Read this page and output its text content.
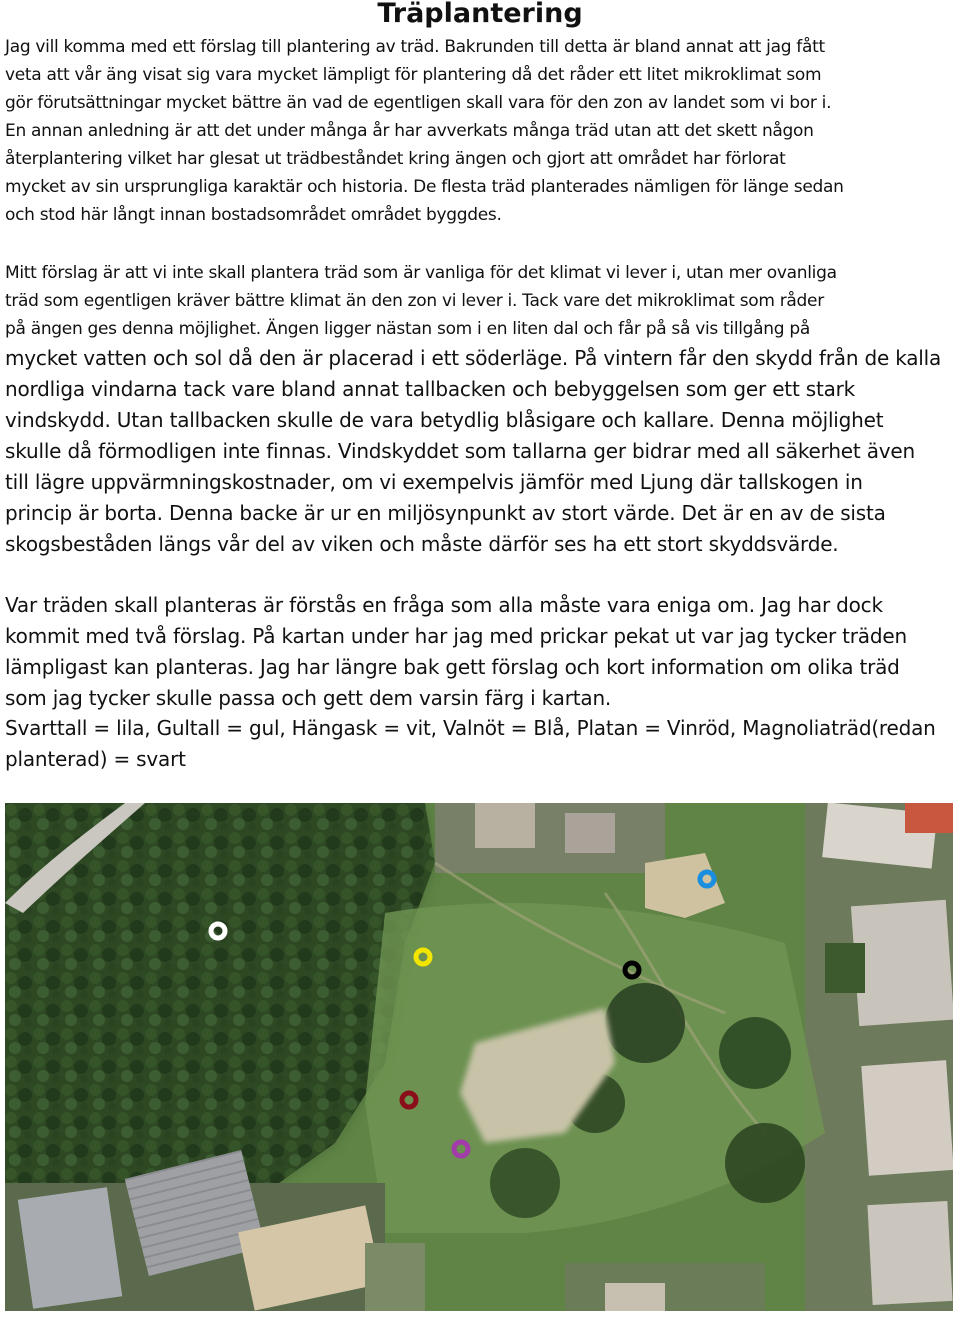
Träplantering
Jag vill komma med ett förslag till plantering av träd. Bakrunden till detta är bland annat att jag fått
veta att vår äng visat sig vara mycket lämpligt för plantering då det råder ett litet mikroklimat som
gör förutsättningar mycket bättre än vad de egentligen skall vara för den zon av landet som vi bor i.
En annan anledning är att det under många år har avverkats många träd utan att det skett någon
återplantering vilket har glesat ut trädbeståndet kring ängen och gjort att området har förlorat
mycket av sin ursprungliga karaktär och historia. De flesta träd planterades nämligen för länge sedan
och stod här långt innan bostadsområdet området byggdes.
Mitt förslag är att vi inte skall plantera träd som är vanliga för det klimat vi lever i, utan mer ovanliga
träd som egentligen kräver bättre klimat än den zon vi lever i. Tack vare det mikroklimat som råder
på ängen ges denna möjlighet. Ängen ligger nästan som i en liten dal och får på så vis tillgång på
mycket vatten och sol då den är placerad i ett söderläge. På vintern får den skydd från de kalla
nordliga vindarna tack vare bland annat tallbacken och bebyggelsen som ger ett stark
vindskydd. Utan tallbacken skulle de vara betydlig blåsigare och kallare. Denna möjlighet
skulle då förmodligen inte finnas. Vindskyddet som tallarna ger bidrar med all säkerhet även
till lägre uppvärmningskostnader, om vi exempelvis jämför med Ljung där tallskogen in
princip är borta. Denna backe är ur en miljösynpunkt av stort värde. Det är en av de sista
skogsbeståden längs vår del av viken och måste därför ses ha ett stort skyddsvärde.
Var träden skall planteras är förstås en fråga som alla måste vara eniga om. Jag har dock
kommit med två förslag. På kartan under har jag med prickar pekat ut var jag tycker träden
lämpligast kan planteras. Jag har längre bak gett förslag och kort information om olika träd
som jag tycker skulle passa och gett dem varsin färg i kartan.
Svarttall = lila, Gultall = gul, Hängask = vit, Valnöt = Blå, Platan = Vinröd, Magnoliaträd(redan
planterad) = svart
